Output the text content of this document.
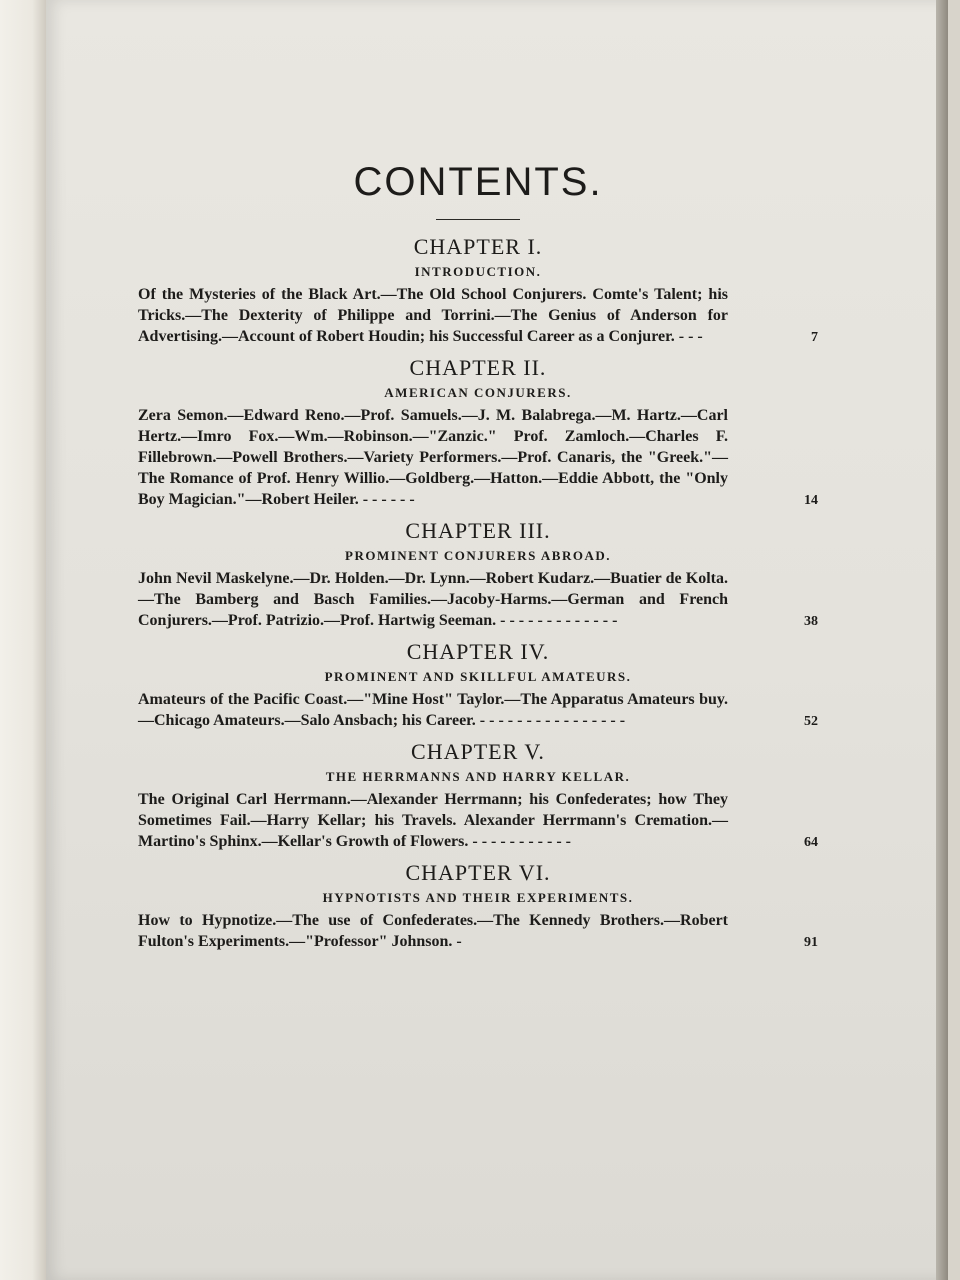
CONTENTS.
CHAPTER I.
INTRODUCTION.

Of the Mysteries of the Black Art.—The Old School Conjurers. Comte's Talent; his Tricks.—The Dexterity of Philippe and Torrini.—The Genius of Anderson for Advertising.—Account of Robert Houdin; his Successful Career as a Conjurer. - - -	7
CHAPTER II.
AMERICAN CONJURERS.

Zera Semon.—Edward Reno.—Prof. Samuels.—J. M. Balabrega.—M. Hartz.—Carl Hertz.—Imro Fox.—Wm.—Robinson.—"Zanzic." Prof. Zamloch.—Charles F. Fillebrown.—Powell Brothers.—Variety Performers.—Prof. Canaris, the "Greek."—The Romance of Prof. Henry Willio.—Goldberg.—Hatton.—Eddie Abbott, the "Only Boy Magician."—Robert Heiler. - - - - - -	14
CHAPTER III.
PROMINENT CONJURERS ABROAD.

John Nevil Maskelyne.—Dr. Holden.—Dr. Lynn.—Robert Kudarz.—Buatier de Kolta.—The Bamberg and Basch Families.—Jacoby-Harms.—German and French Conjurers.—Prof. Patrizio.—Prof. Hartwig Seeman. - - - - - - - - - - - - -	38
CHAPTER IV.
PROMINENT AND SKILLFUL AMATEURS.

Amateurs of the Pacific Coast.—"Mine Host" Taylor.—The Apparatus Amateurs buy.—Chicago Amateurs.—Salo Ansbach; his Career. - - - - - - - - - - - - - - - -	52
CHAPTER V.
THE HERRMANNS AND HARRY KELLAR.

The Original Carl Herrmann.—Alexander Herrmann; his Confederates; how They Sometimes Fail.—Harry Kellar; his Travels. Alexander Herrmann's Cremation.—Martino's Sphinx.—Kellar's Growth of Flowers. - - - - - - - - - - -	64
CHAPTER VI.
HYPNOTISTS AND THEIR EXPERIMENTS.

How to Hypnotize.—The use of Confederates.—The Kennedy Brothers.—Robert Fulton's Experiments.—"Professor" Johnson. -	91
